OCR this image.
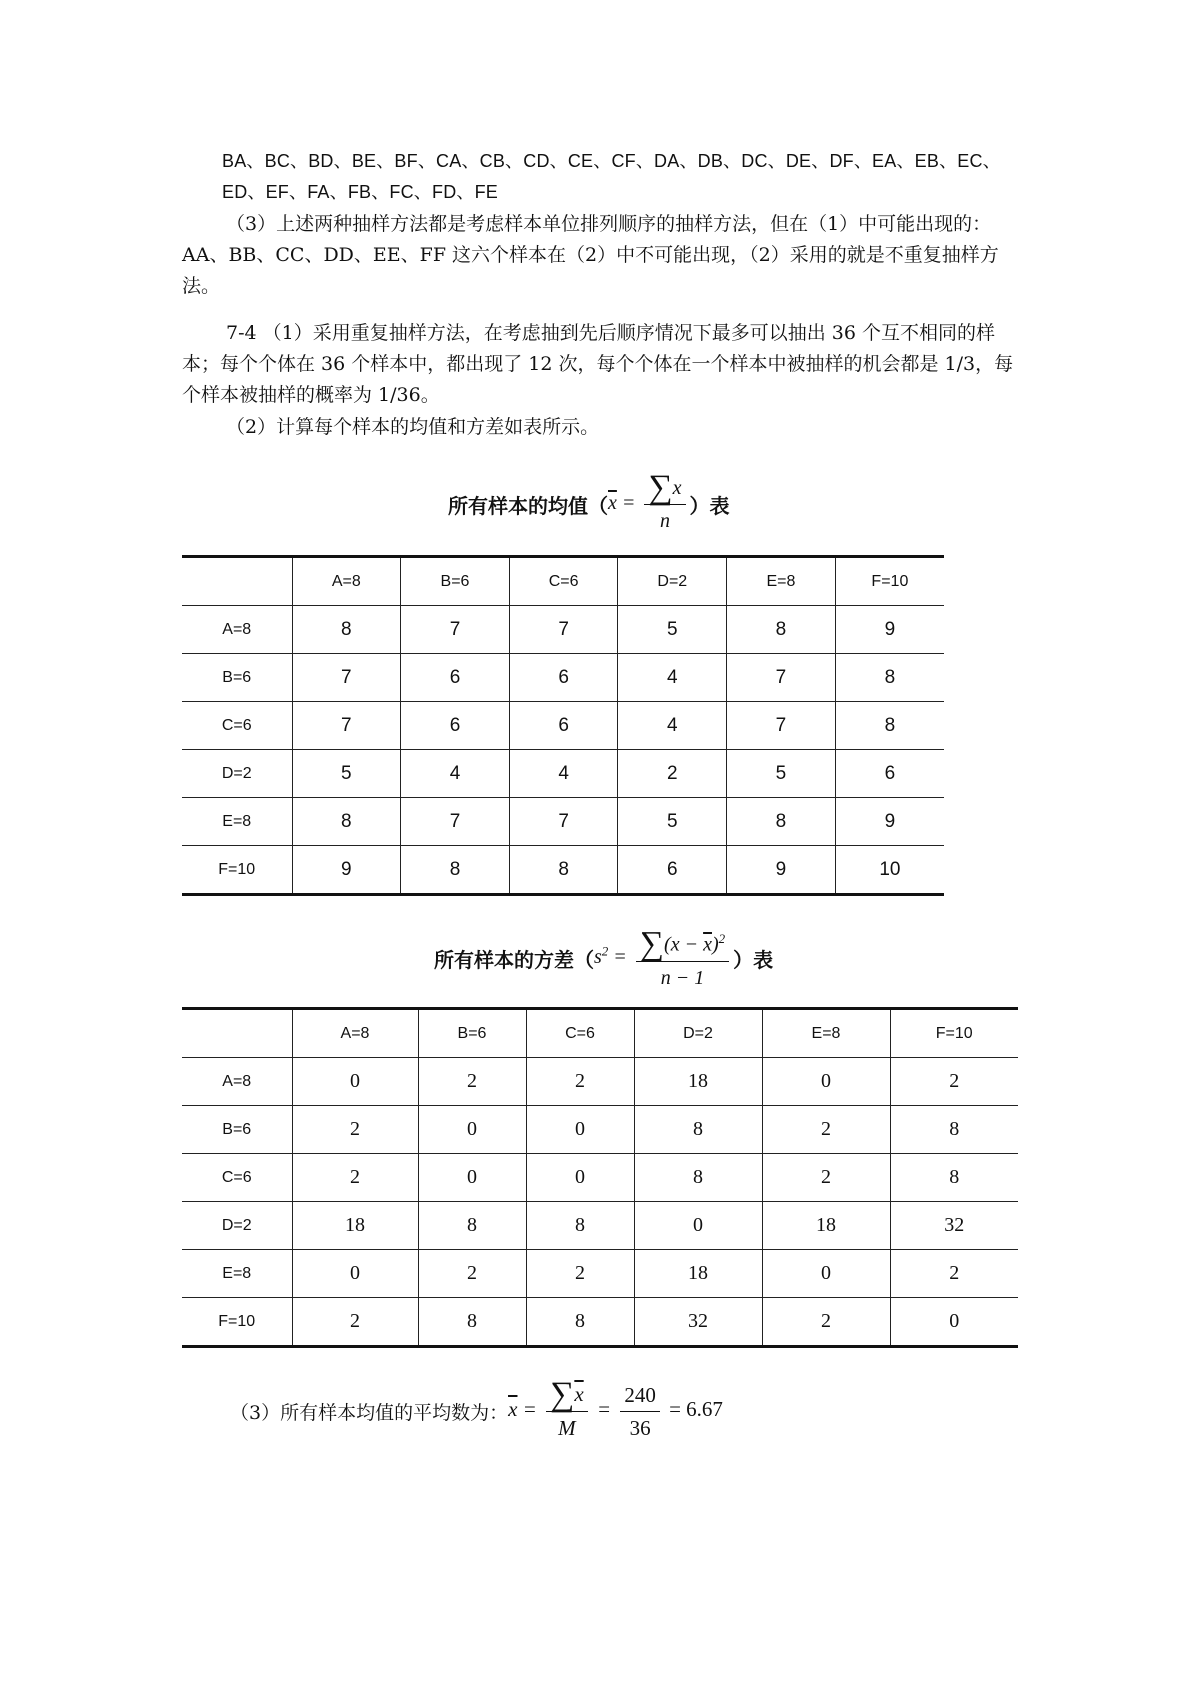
BA、BC、BD、BE、BF、CA、CB、CD、CE、CF、DA、DB、DC、DE、DF、EA、EB、EC、

ED、EF、FA、FB、FC、FD、FE

（3）上述两种抽样方法都是考虑样本单位排列顺序的抽样方法，但在（1）中可能出现的：AA、BB、CC、DD、EE、FF 这六个样本在（2）中不可能出现，（2）采用的就是不重复抽样方法。

7-4 （1）采用重复抽样方法，在考虑抽到先后顺序情况下最多可以抽出 36 个互不相同的样本；每个个体在 36 个样本中，都出现了 12 次，每个个体在一个样本中被抽样的机会都是 1/3，每个样本被抽样的概率为 1/36。

（2）计算每个样本的均值和方差如表所示。

所有样本的均值（ $\overline{x} = \frac{\sum x}{n}$ ）表
	A=8	B=6	C=6	D=2	E=8	F=10
A=8	8	7	7	5	8	9
B=6	7	6	6	4	7	8
C=6	7	6	6	4	7	8
D=2	5	4	4	2	5	6
E=8	8	7	7	5	8	9
F=10	9	8	8	6	9	10
所有样本的方差（ $s^2 = \frac{\sum(x - \overline{x})^2}{n - 1}$ ）表
	A=8	B=6	C=6	D=2	E=8	F=10
A=8	0	2	2	18	0	2
B=6	2	0	0	8	2	8
C=6	2	0	0	8	2	8
D=2	18	8	8	0	18	32
E=8	0	2	2	18	0	2
F=10	2	8	8	32	2	0
（3）所有样本均值的平均数为： $x = \frac{\sum\overline{x}}{M} = \frac{240}{36} = 6.67$
